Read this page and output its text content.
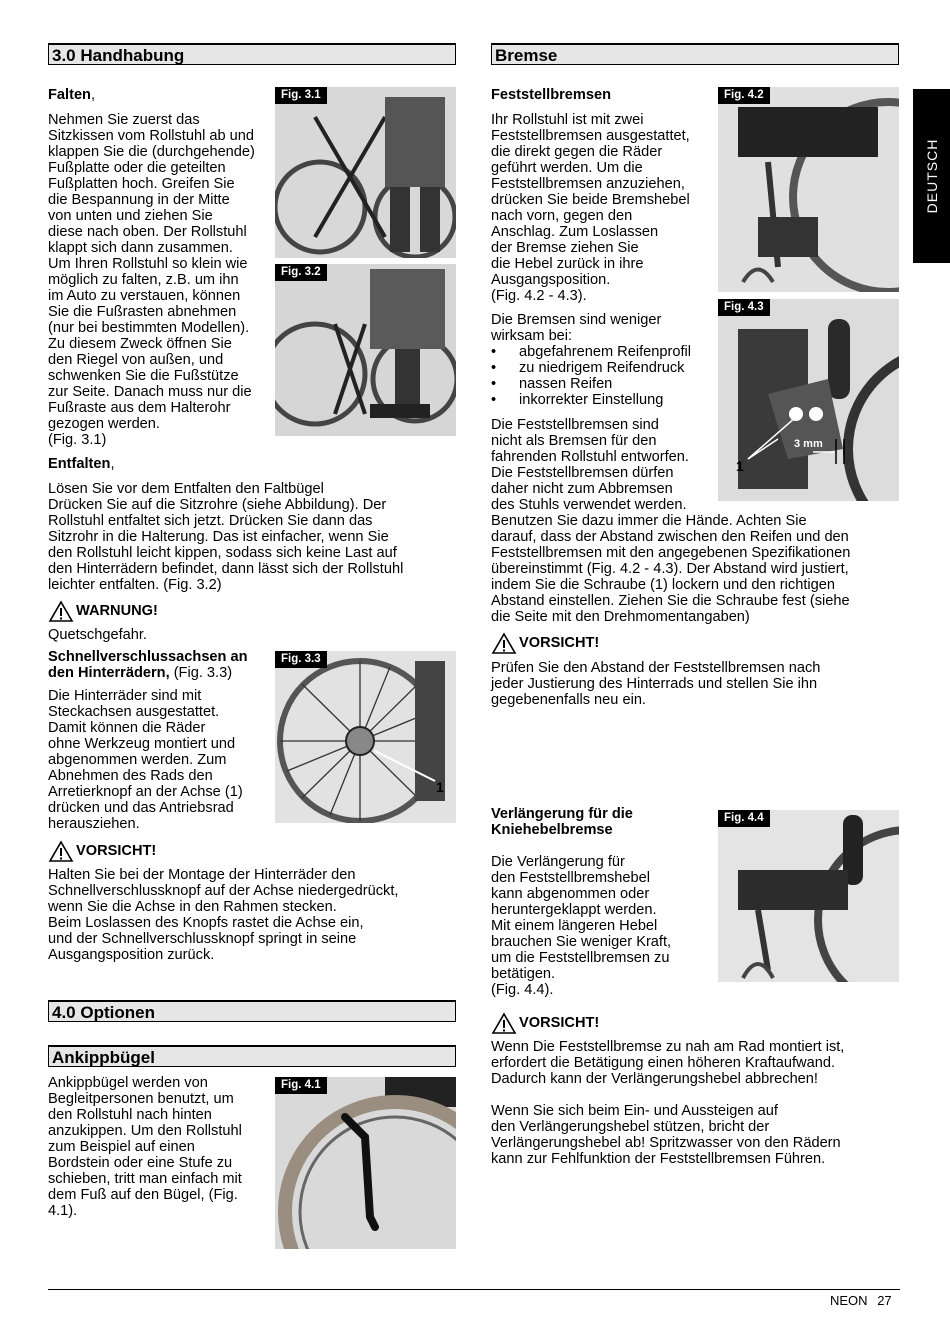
DEUTSCH
3.0 Handhabung
Falten,
Nehmen Sie zuerst das
Sitzkissen vom Rollstuhl ab und
klappen Sie die (durchgehende)
Fußplatte oder die geteilten
Fußplatten hoch. Greifen Sie
die Bespannung in der Mitte
von unten und ziehen Sie
diese nach oben. Der Rollstuhl
klappt sich dann zusammen.
Um Ihren Rollstuhl so klein wie
möglich zu falten, z.B. um ihn
im Auto zu verstauen, können
Sie die Fußrasten abnehmen
(nur bei bestimmten Modellen).
Zu diesem Zweck öffnen Sie
den Riegel von außen, und
schwenken Sie die Fußstütze
zur Seite. Danach muss nur die
Fußraste aus dem Halterohr
gezogen werden.
(Fig. 3.1)
Fig. 3.1
Fig. 3.2
Entfalten,
Lösen Sie vor dem Entfalten den Faltbügel
Drücken Sie auf die Sitzrohre (siehe Abbildung). Der
Rollstuhl entfaltet sich jetzt. Drücken Sie dann das
Sitzrohr in die Halterung. Das ist einfacher, wenn Sie
den Rollstuhl leicht kippen, sodass sich keine Last auf
den Hinterrädern befindet, dann lässt sich der Rollstuhl
leichter entfalten. (Fig. 3.2)
WARNUNG!
Quetschgefahr.
Schnellverschlussachsen an
den Hinterrädern, (Fig. 3.3)
Die Hinterräder sind mit
Steckachsen ausgestattet.
Damit können die Räder
ohne Werkzeug montiert und
abgenommen werden. Zum
Abnehmen des Rads den
Arretierknopf an der Achse (1)
drücken und das Antriebsrad
herausziehen.
Fig. 3.3
1
VORSICHT!
Halten Sie bei der Montage der Hinterräder den
Schnellverschlussknopf auf der Achse niedergedrückt,
wenn Sie die Achse in den Rahmen stecken.
Beim Loslassen des Knopfs rastet die Achse ein,
und der Schnellverschlussknopf springt in seine
Ausgangsposition zurück.
4.0 Optionen
Ankippbügel
Ankippbügel werden von
Begleitpersonen benutzt, um
den Rollstuhl nach hinten
anzukippen. Um den Rollstuhl
zum Beispiel auf einen
Bordstein oder eine Stufe zu
schieben, tritt man einfach mit
dem Fuß auf den Bügel, (Fig.
4.1).
Fig. 4.1
Bremse
Feststellbremsen
Ihr Rollstuhl ist mit zwei
Feststellbremsen ausgestattet,
die direkt gegen die Räder
geführt werden. Um die
Feststellbremsen anzuziehen,
drücken Sie beide Bremshebel
nach vorn, gegen den
Anschlag. Zum Loslassen
der Bremse ziehen Sie
die Hebel zurück in ihre
Ausgangsposition.
(Fig. 4.2 - 4.3).
Fig. 4.2
Die Bremsen sind weniger
wirksam bei:
• abgefahrenem Reifenprofil
• zu niedrigem Reifendruck
• nassen Reifen
• inkorrekter Einstellung
Die Feststellbremsen sind
nicht als Bremsen für den
fahrenden Rollstuhl entworfen.
Die Feststellbremsen dürfen
daher nicht zum Abbremsen
des Stuhls verwendet werden.
Benutzen Sie dazu immer die Hände. Achten Sie
darauf, dass der Abstand zwischen den Reifen und den
Feststellbremsen mit den angegebenen Spezifikationen
übereinstimmt (Fig. 4.2 - 4.3). Der Abstand wird justiert,
indem Sie die Schraube (1) lockern und den richtigen
Abstand einstellen. Ziehen Sie die Schraube fest (siehe
die Seite mit den Drehmomentangaben)
Fig. 4.3
3 mm
1
VORSICHT!
Prüfen Sie den Abstand der Feststellbremsen nach
jeder Justierung des Hinterrads und stellen Sie ihn
gegebenenfalls neu ein.
Verlängerung für die
Kniehebelbremse
Die Verlängerung für
den Feststellbremshebel
kann abgenommen oder
heruntergeklappt werden.
Mit einem längeren Hebel
brauchen Sie weniger Kraft,
um die Feststellbremsen zu
betätigen.
(Fig. 4.4).
Fig. 4.4
VORSICHT!
Wenn Die Feststellbremse zu nah am Rad montiert ist,
erfordert die Betätigung einen höheren Kraftaufwand.
Dadurch kann der Verlängerungshebel abbrechen!

Wenn Sie sich beim Ein- und Aussteigen auf
den Verlängerungshebel stützen, bricht der
Verlängerungshebel ab! Spritzwasser von den Rädern
kann zur Fehlfunktion der Feststellbremsen Führen.
NEON 27
